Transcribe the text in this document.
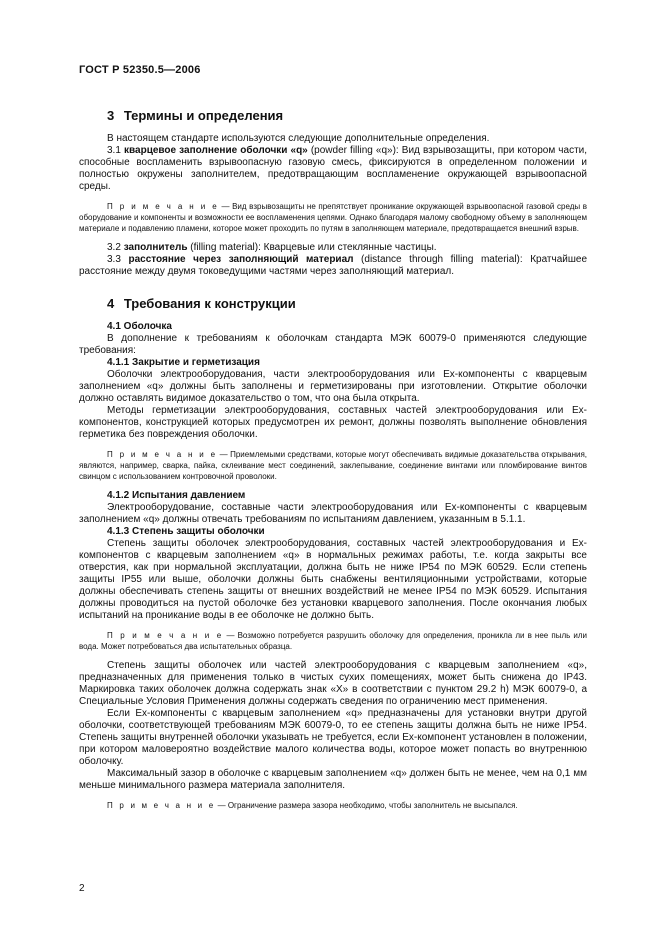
ГОСТ Р 52350.5—2006
3 Термины и определения

В настоящем стандарте используются следующие дополнительные определения.

3.1 кварцевое заполнение оболочки «q» (powder filling «q»): Вид взрывозащиты, при котором части, способные воспламенить взрывоопасную газовую смесь, фиксируются в определенном положении и полностью окружены заполнителем, предотвращающим воспламенение окружающей взрывоопасной среды.

П р и м е ч а н и е — Вид взрывозащиты не препятствует проникание окружающей взрывоопасной газовой среды в оборудование и компоненты и возможности ее воспламенения цепями. Однако благодаря малому свободному объему в заполняющем материале и подавлению пламени, которое может проходить по путям в заполняющем материале, предотвращается внешний взрыв.

3.2 заполнитель (filling material): Кварцевые или стеклянные частицы.

3.3 расстояние через заполняющий материал (distance through filling material): Кратчайшее расстояние между двумя токоведущими частями через заполняющий материал.

4 Требования к конструкции

4.1 Оболочка

В дополнение к требованиям к оболочкам стандарта МЭК 60079-0 применяются следующие требования:

4.1.1 Закрытие и герметизация

Оболочки электрооборудования, части электрооборудования или Ex-компоненты с кварцевым заполнением «q» должны быть заполнены и герметизированы при изготовлении. Открытие оболочки должно оставлять видимое доказательство о том, что она была открыта.

Методы герметизации электрооборудования, составных частей электрооборудования или Ex-компонентов, конструкцией которых предусмотрен их ремонт, должны позволять выполнение обновления герметика без повреждения оболочки.

П р и м е ч а н и е — Приемлемыми средствами, которые могут обеспечивать видимые доказательства открывания, являются, например, сварка, пайка, склеивание мест соединений, заклепывание, соединение винтами или пломбирование винтов свинцом с использованием контровочной проволоки.

4.1.2 Испытания давлением

Электрооборудование, составные части электрооборудования или Ex-компоненты с кварцевым заполнением «q» должны отвечать требованиям по испытаниям давлением, указанным в 5.1.1.

4.1.3 Степень защиты оболочки

Степень защиты оболочек электрооборудования, составных частей электрооборудования и Ex-компонентов с кварцевым заполнением «q» в нормальных режимах работы, т.е. когда закрыты все отверстия, как при нормальной эксплуатации, должна быть не ниже IP54 по МЭК 60529. Если степень защиты IP55 или выше, оболочки должны быть снабжены вентиляционными устройствами, которые должны обеспечивать степень защиты от внешних воздействий не менее IP54 по МЭК 60529. Испытания должны проводиться на пустой оболочке без установки кварцевого заполнения. После окончания любых испытаний на проникание воды в ее оболочке не должно быть.

П р и м е ч а н и е — Возможно потребуется разрушить оболочку для определения, проникла ли в нее пыль или вода. Может потребоваться два испытательных образца.

Степень защиты оболочек или частей электрооборудования с кварцевым заполнением «q», предназначенных для применения только в чистых сухих помещениях, может быть снижена до IP43. Маркировка таких оболочек должна содержать знак «Х» в соответствии с пунктом 29.2 h) МЭК 60079-0, а Специальные Условия Применения должны содержать сведения по ограничению мест применения.

Если Ex-компоненты с кварцевым заполнением «q» предназначены для установки внутри другой оболочки, соответствующей требованиям МЭК 60079-0, то ее степень защиты должна быть не ниже IP54. Степень защиты внутренней оболочки указывать не требуется, если Ex-компонент установлен в положении, при котором маловероятно воздействие малого количества воды, которое может попасть во внутреннюю оболочку.

Максимальный зазор в оболочке с кварцевым заполнением «q» должен быть не менее, чем на 0,1 мм меньше минимального размера материала заполнителя.

П р и м е ч а н и е — Ограничение размера зазора необходимо, чтобы заполнитель не высыпался.

2
